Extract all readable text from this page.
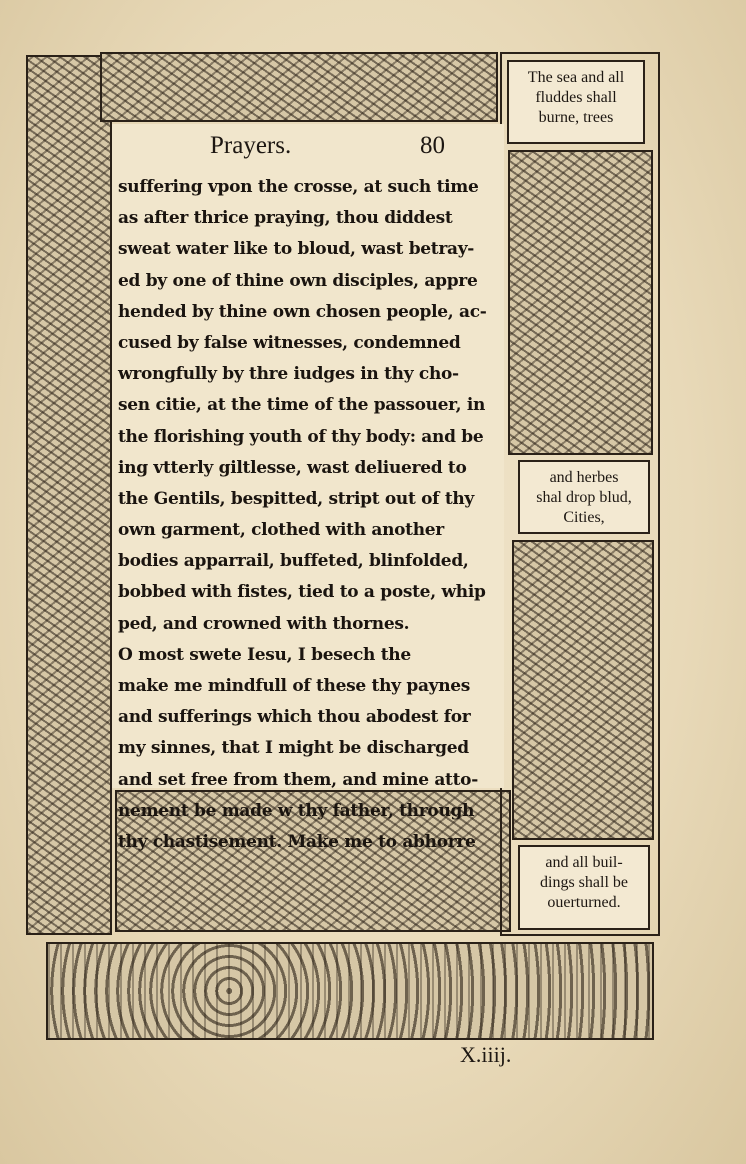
The sea and all
fluddes shall
burne, trees
and herbes
shal drop blud,
Cities,
and all buil-
dings shall be
ouerturned.
Prayers.	80
suffering vpon the crosse, at such time
as after thrice praying, thou diddest
sweat water like to bloud, wast betray-
ed by one of thine own disciples, appre
hended by thine own chosen people, ac-
cused by false witnesses, condemned
wrongfully by thre iudges in thy cho-
sen citie, at the time of the passouer, in
the florishing youth of thy body: and be
ing vtterly giltlesse, wast deliuered to
the Gentils, bespitted, stript out of thy
own garment, clothed with another
bodies apparrail, buffeted, blinfolded,
bobbed with fistes, tied to a poste, whip
ped, and crowned with thornes.
O most swete Iesu, I besech the
make me mindfull of these thy paynes
and sufferings which thou abodest for
my sinnes, that I might be discharged
and set free from them, and mine atto-
nement be made w thy father, through
thy chastisement. Make me to abhorre
X.iiij.
